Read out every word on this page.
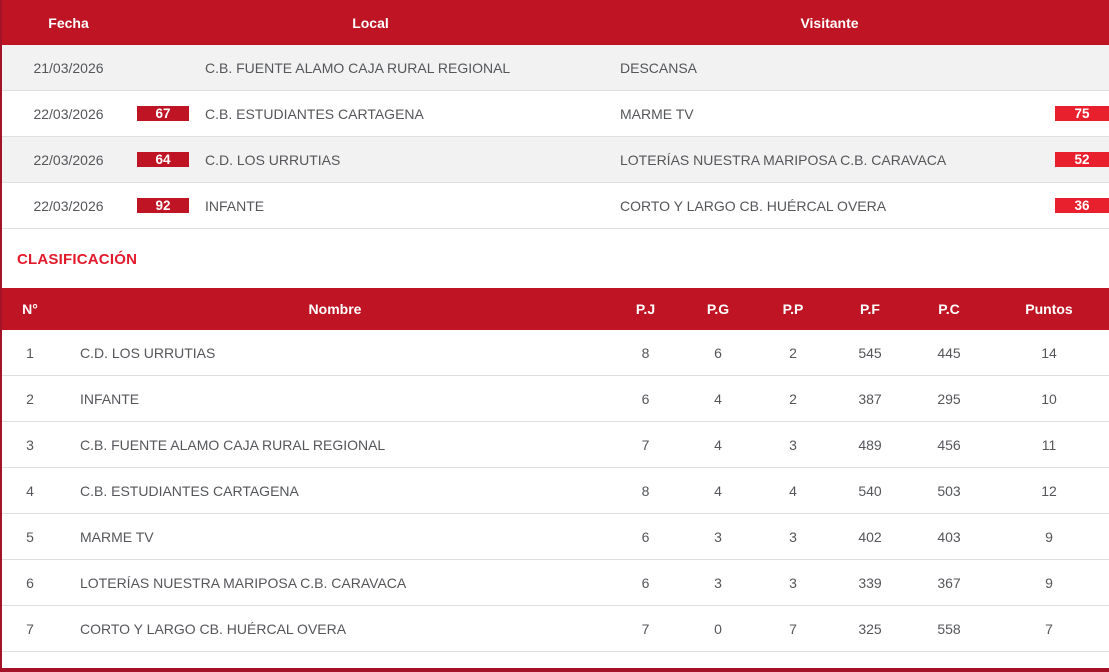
Fecha	Local	Visitante
21/03/2026	C.B. FUENTE ALAMO CAJA RURAL REGIONAL	DESCANSA
22/03/2026	67	C.B. ESTUDIANTES CARTAGENA	MARME TV	75
22/03/2026	64	C.D. LOS URRUTIAS	LOTERÍAS NUESTRA MARIPOSA C.B. CARAVACA	52
22/03/2026	92	INFANTE	CORTO Y LARGO CB. HUÉRCAL OVERA	36
CLASIFICACIÓN
N°	Nombre	P.J	P.G	P.P	P.F	P.C	Puntos
1	C.D. LOS URRUTIAS	8	6	2	545	445	14
2	INFANTE	6	4	2	387	295	10
3	C.B. FUENTE ALAMO CAJA RURAL REGIONAL	7	4	3	489	456	11
4	C.B. ESTUDIANTES CARTAGENA	8	4	4	540	503	12
5	MARME TV	6	3	3	402	403	9
6	LOTERÍAS NUESTRA MARIPOSA C.B. CARAVACA	6	3	3	339	367	9
7	CORTO Y LARGO CB. HUÉRCAL OVERA	7	0	7	325	558	7
